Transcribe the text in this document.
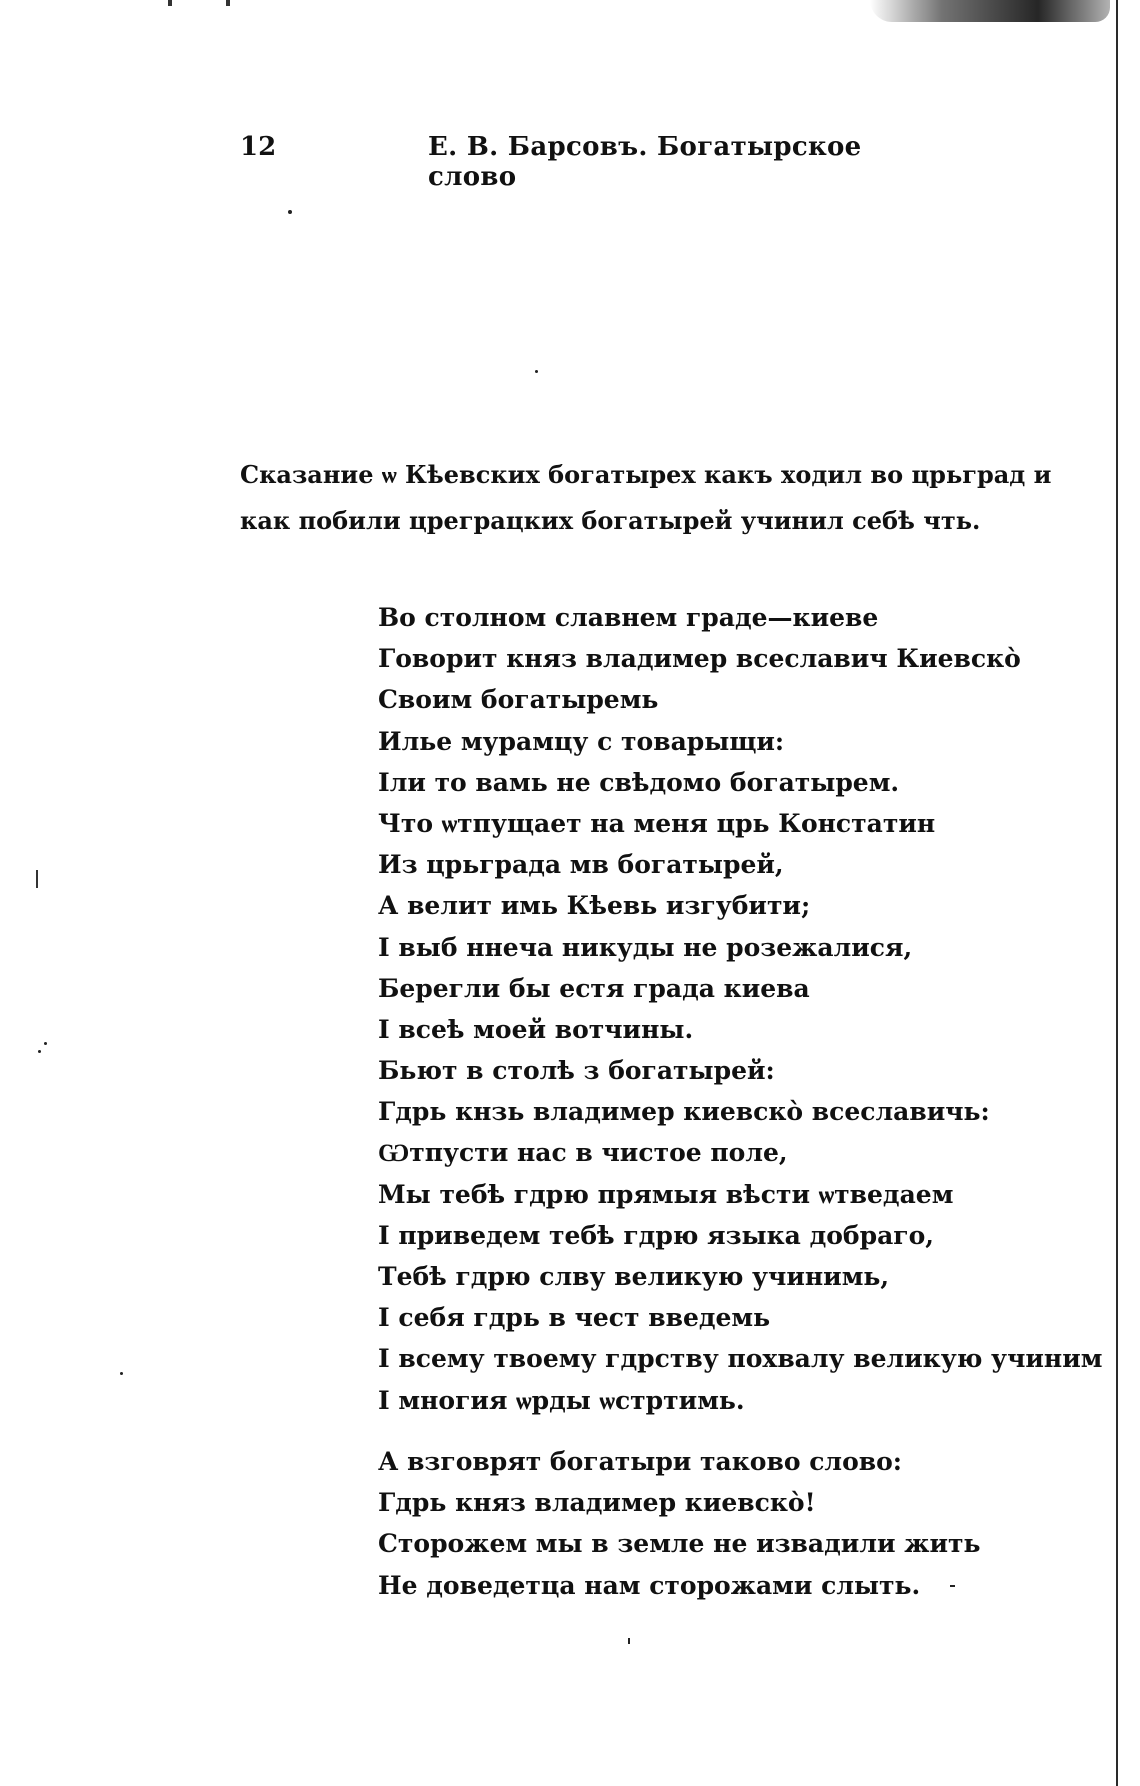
12	Е. В. Барсовъ. Богатырское слово
Сказание ѡ Кѣевских богатырех какъ ходил во црьград и как побили цреграцких богатырей учинил себѣ чть.
Во столном славнем граде—киеве
Говорит княз владимер всеславич Киевско̀
Своим богатыремь
Илье мурамцу с товарыщи:
Іли то вамь не свѣдомо богатырем.
Что ѡтпущает на меня црь Констатин
Из црьграда мв богатырей,
А велит имь Кѣевь изгубити;
І выб ннеча никуды не розежалися,
Берегли бы естя града киева
І всеѣ моей вотчины.
Бьют в столѣ з богатырей:
Гдрь кнзь владимер киевско̀ всеславичь:
Ѡтпусти нас в чистое поле,
Мы тебѣ гдрю прямыя вѣсти ѡтведаем
І приведем тебѣ гдрю языка добраго,
Тебѣ гдрю слву великую учинимь,
І себя гдрь в чест введемь
І всему твоему гдрству похвалу великую учиним
І многия ѡрды ѡстртимь.
А взговрят богатыри таково слово:
Гдрь княз владимер киевско̀!
Сторожем мы в земле не извадили жить
Не доведетца нам сторожами слыть.
